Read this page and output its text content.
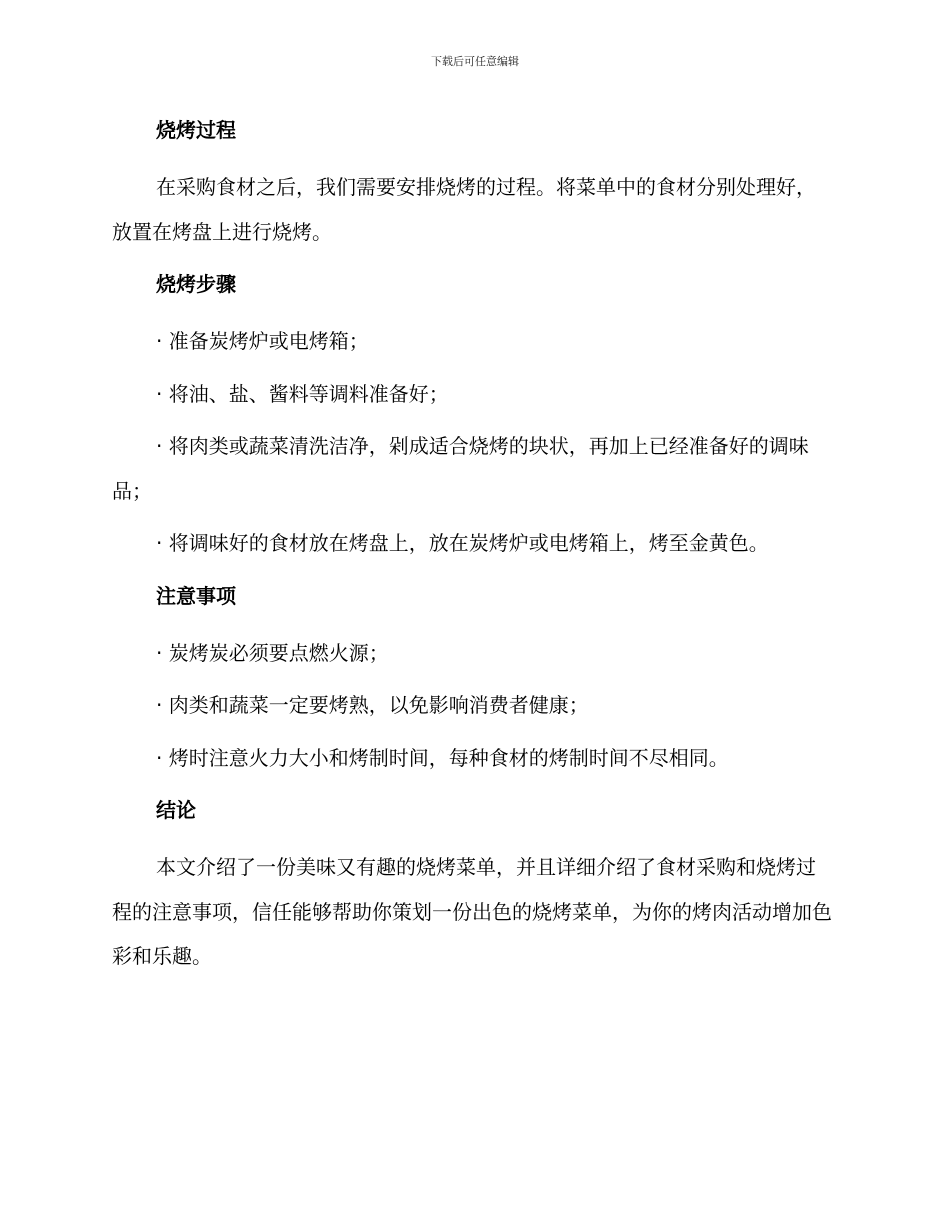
下载后可任意编辑
烧烤过程

在采购食材之后，我们需要安排烧烤的过程。将菜单中的食材分别处理好，放置在烤盘上进行烧烤。

烧烤步骤

· 准备炭烤炉或电烤箱；

· 将油、盐、酱料等调料准备好；

· 将肉类或蔬菜清洗洁净，剁成适合烧烤的块状，再加上已经准备好的调味品；

· 将调味好的食材放在烤盘上，放在炭烤炉或电烤箱上，烤至金黄色。

注意事项

· 炭烤炭必须要点燃火源；

· 肉类和蔬菜一定要烤熟，以免影响消费者健康；

· 烤时注意火力大小和烤制时间，每种食材的烤制时间不尽相同。

结论

本文介绍了一份美味又有趣的烧烤菜单，并且详细介绍了食材采购和烧烤过程的注意事项，信任能够帮助你策划一份出色的烧烤菜单，为你的烤肉活动增加色彩和乐趣。
